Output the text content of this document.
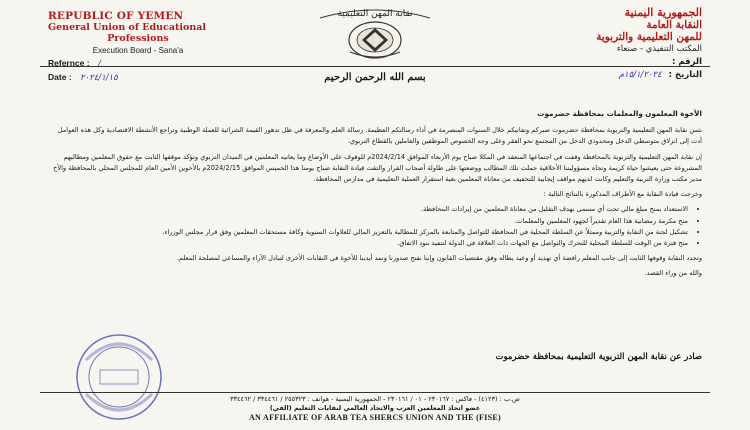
REPUBLIC OF YEMEN
General Union of Educational
Professions
Execution Board - Sana'a
Refernce : /
Date : ٢٠٢٤/١/١٥
نقابة المهن التعليمية	الجمهورية اليمنية
النقابة العامة
للمهن التعليمية والتربوية
المكتب التنفيذي - صنعاء
الرقم :
التاريخ : ١٥/١/٢٠٢٤م
بسم الله الرحمن الرحيم

الأخوة المعلمون والمعلمات بمحافظة حضرموت

نثمن نقابة المهن التعليمية والتربوية بمحافظة حضرموت صبركم وتفانيكم خلال السنوات المنصرمة في أداء رسالتكم العظيمة. رسالة العلم والمعرفة في ظل تدهور القيمة الشرائية للعملة الوطنية وتراجع الأنشطة الاقتصادية وكل هذه العوامل أدت إلى انزلاق متوسطي الدخل ومحدودي الدخل من المجتمع نحو الفقر وعلى وجه الخصوص الموظفين والعاملين بالقطاع التربوي.

إن نقابة المهن التعليمية والتربوية بالمحافظة وقفت في اجتماعها المنعقد في المكلا صباح يوم الأربعاء الموافق 2024/2/14م للوقوف على الأوضاع وما يعانيه المعلمين في الميدان التربوي وتؤكد موقفها الثابت مع حقوق المعلمين ومطالبهم المشروعة حتى يعيشوا حياة كريمة وتجاه مسؤوليتنا الأخلاقية حملت تلك المطالب ووضعتها على طاولة أصحاب القرار والتقت قيادة النقابة صباح يومنا هذا الخميس الموافق 2024/2/15م بالأخوين الأمين العام للمجلس المحلي بالمحافظة والأخ مدير مكتب وزارة التربية والتعليم وكانت لديهم مواقف إيجابية للتخفيف من معاناة المعلمين بغية استقرار العملية التعليمية في مدارس المحافظة.

وخرجت قيادة النقابة مع الأطراف المذكورة بالنتائج التالية :

• الاستعداد بمنح مبلغ مالي تحت أي مسمى بهدف التقليل من معاناة المعلمين من إيرادات المحافظة.
• منح مكرمة رمضانية هذا العام تقديراً لجهود المعلمين والمعلمات.
• تشكيل لجنة من النقابة والتربية وممثلاً عن السلطة المحلية في المحافظة للتواصل والمتابعة بالمركز للمطالبة بالتعزيز المالي للعلاوات السنوية وكافة مستحقات المعلمين وفق قرار مجلس الوزراء.
• منح فترة من الوقت للسلطة المحلية للتحرك والتواصل مع الجهات ذات العلاقة في الدولة لتنفيذ بنود الاتفاق.

وتجدد النقابة وقوفها الثابت إلى جانب المعلم رافضة أي تهديد أو وعيد يطاله وفق مقتضيات القانون وإننا نفتح صدورنا ونمد أيدينا للأخوة في النقابات الأخرى لتبادل الآراء والمساعي لمصلحة المعلم.

والله من وراء القصد.

صادر عن نقابة المهن التربوية التعليمية بمحافظة حضرموت
ص.ب : (٤١٢٣) - فاكس : ٢٣٠١٦٧ - ٠١ / ٢٣٠١٦١ - الجمهورية اليمنية - هواتف : ٢٥٥٣٢٣ / ٣٣٤٤٦١ / ٣٣٤٤٦٢
عضو اتحاد المعلمين العرب والاتحاد العالمي لنقابات التعليم (الفي)
AN AFFILIATE OF ARAB TEA SHERCS UNION AND THE (FISE)
